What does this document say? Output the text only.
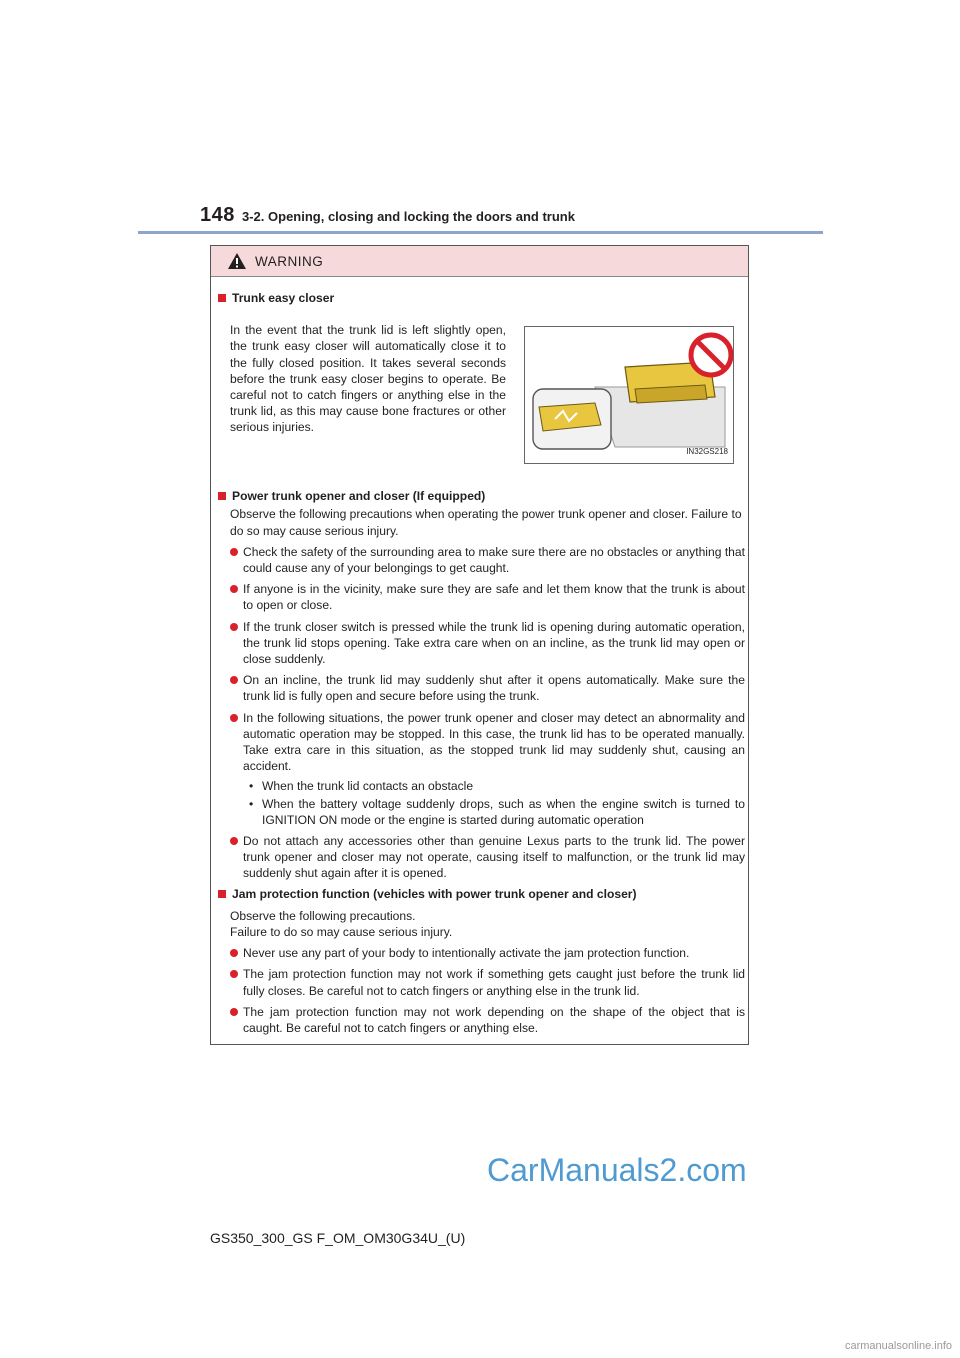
148 3-2. Opening, closing and locking the doors and trunk
WARNING
Trunk easy closer
In the event that the trunk lid is left slightly open, the trunk easy closer will automatically close it to the fully closed position. It takes several seconds before the trunk easy closer begins to operate. Be careful not to catch fingers or anything else in the trunk lid, as this may cause bone fractures or other serious injuries.
IN32GS218
Power trunk opener and closer (If equipped)
Observe the following precautions when operating the power trunk opener and closer. Failure to do so may cause serious injury.
Check the safety of the surrounding area to make sure there are no obstacles or anything that could cause any of your belongings to get caught.
If anyone is in the vicinity, make sure they are safe and let them know that the trunk is about to open or close.
If the trunk closer switch is pressed while the trunk lid is opening during automatic operation, the trunk lid stops opening. Take extra care when on an incline, as the trunk lid may open or close suddenly.
On an incline, the trunk lid may suddenly shut after it opens automatically. Make sure the trunk lid is fully open and secure before using the trunk.
In the following situations, the power trunk opener and closer may detect an abnormality and automatic operation may be stopped. In this case, the trunk lid has to be operated manually. Take extra care in this situation, as the stopped trunk lid may suddenly shut, causing an accident.
• When the trunk lid contacts an obstacle
• When the battery voltage suddenly drops, such as when the engine switch is turned to IGNITION ON mode or the engine is started during automatic operation
Do not attach any accessories other than genuine Lexus parts to the trunk lid. The power trunk opener and closer may not operate, causing itself to malfunction, or the trunk lid may suddenly shut again after it is opened.
Jam protection function (vehicles with power trunk opener and closer)
Observe the following precautions.
Failure to do so may cause serious injury.
Never use any part of your body to intentionally activate the jam protection function.
The jam protection function may not work if something gets caught just before the trunk lid fully closes. Be careful not to catch fingers or anything else in the trunk lid.
The jam protection function may not work depending on the shape of the object that is caught. Be careful not to catch fingers or anything else.
CarManuals2.com
GS350_300_GS F_OM_OM30G34U_(U)
carmanualsonline.info
